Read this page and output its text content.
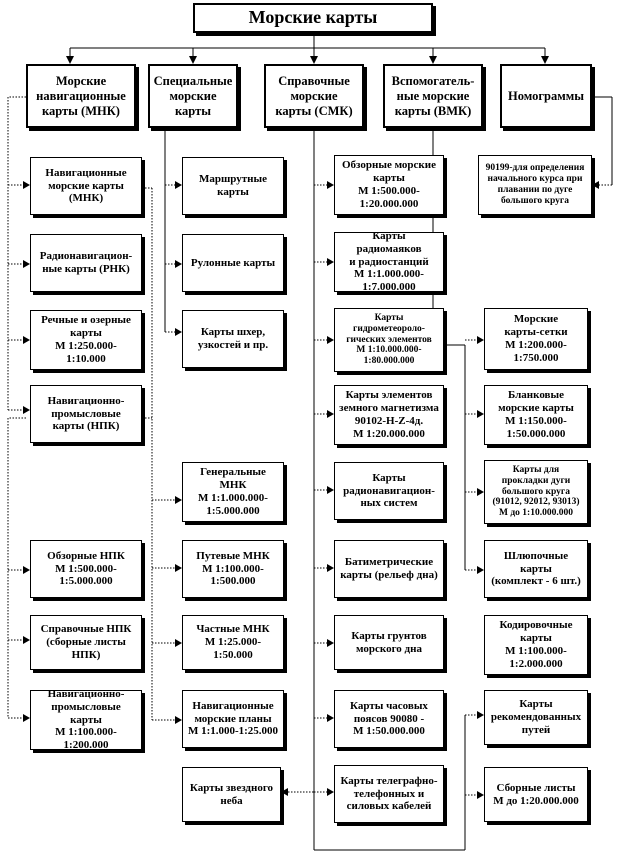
Морские карты
Морские
навигационные
карты (МНК)
Специальные
морские
карты
Справочные
морские
карты (СМК)
Вспомогатель-
ные морские
карты (ВМК)
Номограммы
Навигационные
морские карты
(МНК)
Радионавигацион-
ные карты (РНК)
Речные и озерные
карты
М 1:250.000-
1:10.000
Навигационно-
промысловые
карты (НПК)
Обзорные НПК
М 1:500.000-
1:5.000.000
Справочные НПК
(сборные листы
НПК)
Навигационно-
промысловые карты
М 1:100.000-
1:200.000
Маршрутные
карты
Рулонные карты
Карты шхер,
узкостей и пр.
Генеральные МНК
М 1:1.000.000-
1:5.000.000
Путевые МНК
М 1:100.000-
1:500.000
Частные МНК
М 1:25.000-1:50.000
Навигационные
морские планы
М 1:1.000-1:25.000
Карты звездного
неба
Обзорные морские
карты
М 1:500.000-
1:20.000.000
Карты радиомаяков
и радиостанций
М 1:1.000.000-
1:7.000.000
Карты
гидрометеороло-
гических элементов
М 1:10.000.000-
1:80.000.000
Карты элементов
земного магнетизма
90102-Н-Z-4д.
М 1:20.000.000
Карты
радионавигацион-
ных систем
Батиметрические
карты (рельеф дна)
Карты грунтов
морского дна
Карты часовых
поясов 90080 -
М 1:50.000.000
Карты телеграфно-
телефонных и
силовых кабелей
Морские
карты-сетки
М 1:200.000-
1:750.000
Бланковые
морские карты
М 1:150.000-
1:50.000.000
Карты для
прокладки дуги
большого круга
(91012, 92012, 93013)
М до 1:10.000.000
Шлюпочные карты
(комплект - 6 шт.)
Кодировочные
карты
М 1:100.000-
1:2.000.000
Карты
рекомендованных
путей
Сборные листы
М до 1:20.000.000
90199-для определения
начального курса при
плавании по дуге
большого круга
